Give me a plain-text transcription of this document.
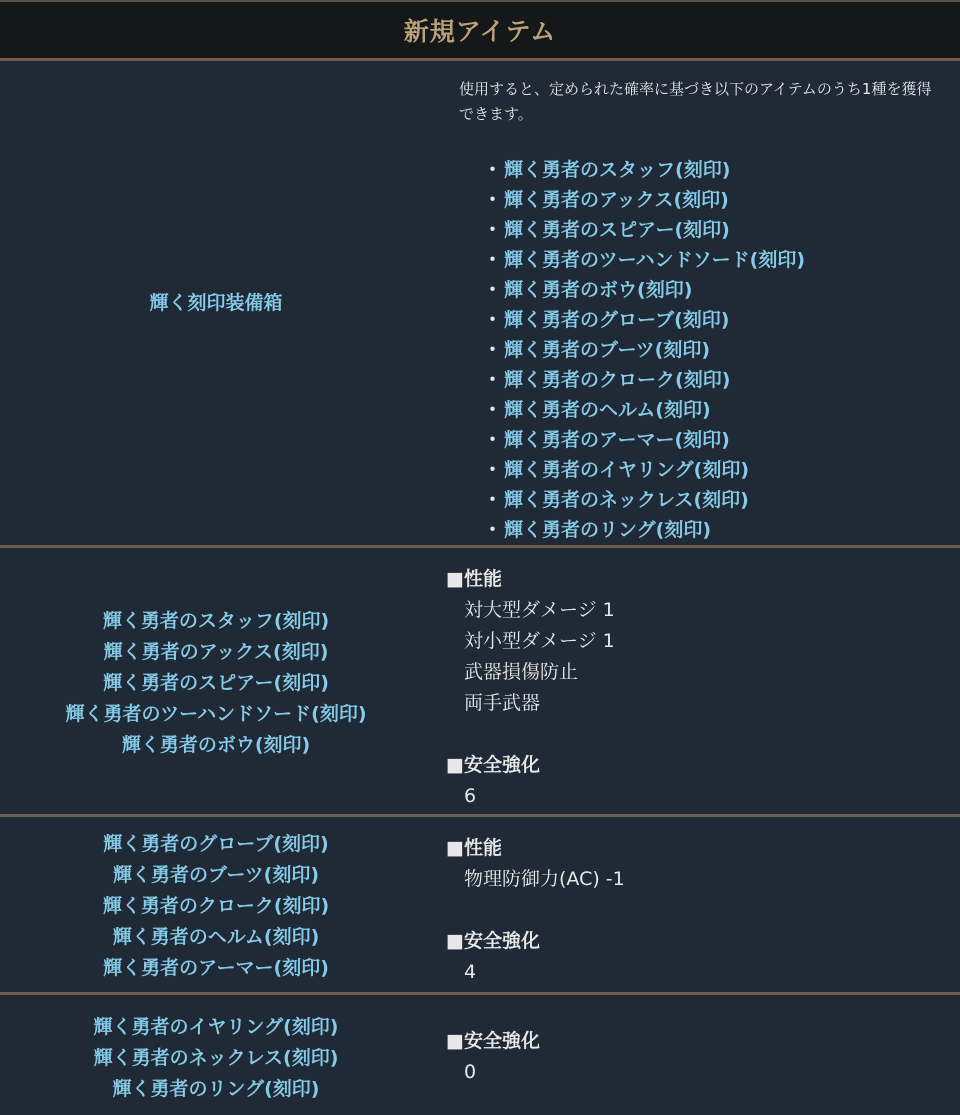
新規アイテム
輝く刻印装備箱
使用すると、定められた確率に基づき以下のアイテムのうち1種を獲得できます。
・ 輝く勇者のスタッフ(刻印)
・ 輝く勇者のアックス(刻印)
・ 輝く勇者のスピアー(刻印)
・ 輝く勇者のツーハンドソード(刻印)
・ 輝く勇者のボウ(刻印)
・ 輝く勇者のグローブ(刻印)
・ 輝く勇者のブーツ(刻印)
・ 輝く勇者のクローク(刻印)
・ 輝く勇者のヘルム(刻印)
・ 輝く勇者のアーマー(刻印)
・ 輝く勇者のイヤリング(刻印)
・ 輝く勇者のネックレス(刻印)
・ 輝く勇者のリング(刻印)
輝く勇者のスタッフ(刻印)
輝く勇者のアックス(刻印)
輝く勇者のスピアー(刻印)
輝く勇者のツーハンドソード(刻印)
輝く勇者のボウ(刻印)
■性能
対大型ダメージ 1
対小型ダメージ 1
武器損傷防止
両手武器
■安全強化
6
輝く勇者のグローブ(刻印)
輝く勇者のブーツ(刻印)
輝く勇者のクローク(刻印)
輝く勇者のヘルム(刻印)
輝く勇者のアーマー(刻印)
■性能
物理防御力(AC) -1
■安全強化
4
輝く勇者のイヤリング(刻印)
輝く勇者のネックレス(刻印)
輝く勇者のリング(刻印)
■安全強化
0
